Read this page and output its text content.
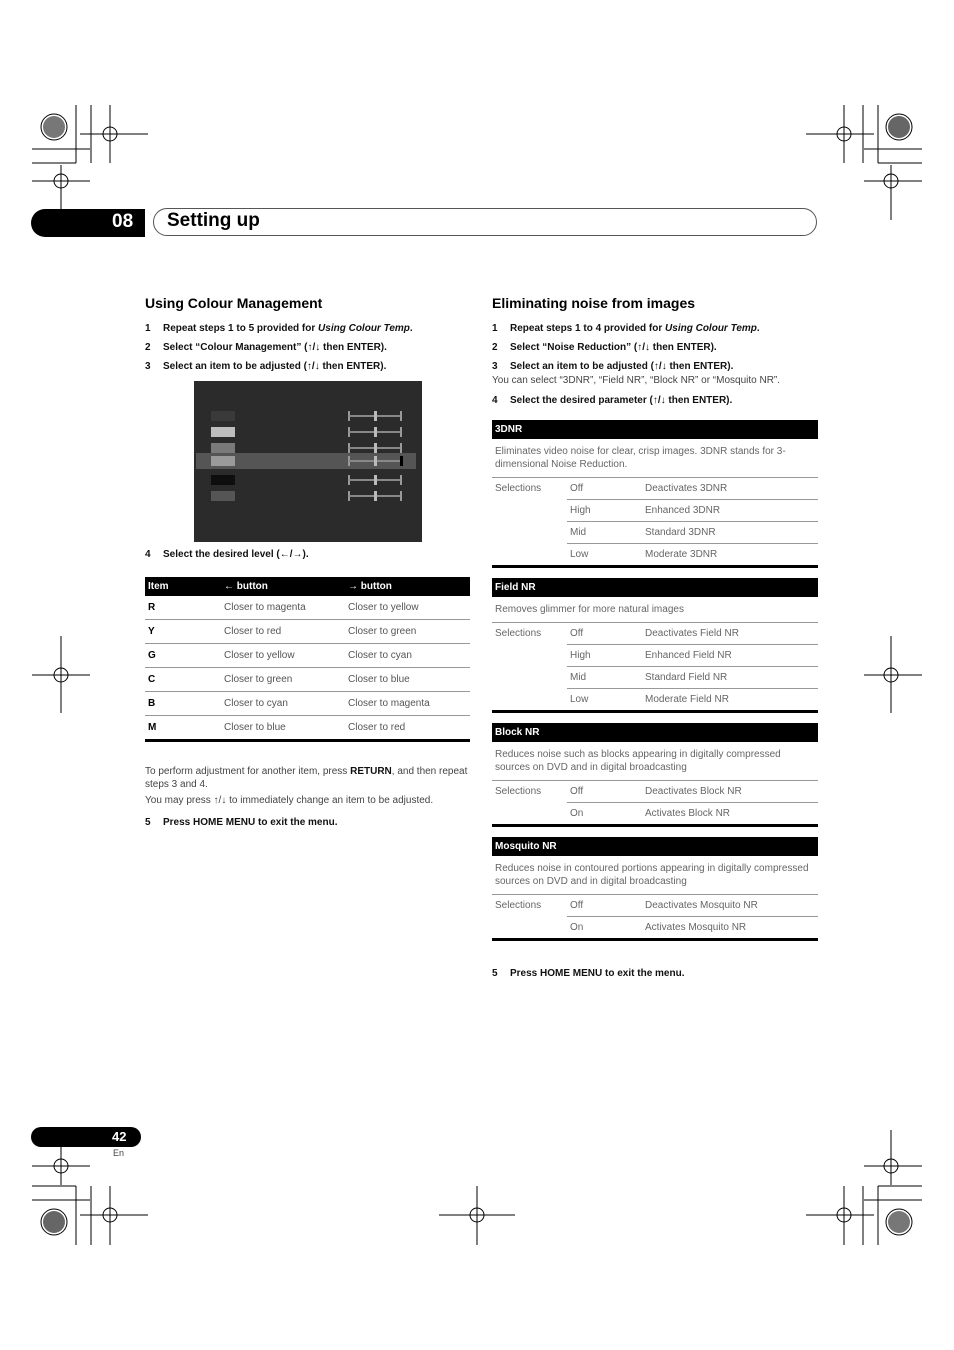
08 Setting up
Using Colour Management
1	Repeat steps 1 to 5 provided for Using Colour Temp.
2	Select “Colour Management” (↑/↓ then ENTER).
3	Select an item to be adjusted (↑/↓ then ENTER).
4	Select the desired level (←/→).
Item	← button	→ button
R	Closer to magenta	Closer to yellow
Y	Closer to red	Closer to green
G	Closer to yellow	Closer to cyan
C	Closer to green	Closer to blue
B	Closer to cyan	Closer to magenta
M	Closer to blue	Closer to red
To perform adjustment for another item, press RETURN, and then repeat steps 3 and 4.
You may press ↑/↓ to immediately change an item to be adjusted.
5	Press HOME MENU to exit the menu.
Eliminating noise from images
1	Repeat steps 1 to 4 provided for Using Colour Temp.
2	Select “Noise Reduction” (↑/↓ then ENTER).
3	Select an item to be adjusted (↑/↓ then ENTER).
You can select “3DNR”, “Field NR”, “Block NR” or “Mosquito NR”.
4	Select the desired parameter (↑/↓ then ENTER).
3DNR		
Eliminates video noise for clear, crisp images. 3DNR stands for 3-dimensional Noise Reduction.		
Selections	Off	Deactivates 3DNR
	High	Enhanced 3DNR
	Mid	Standard 3DNR
	Low	Moderate 3DNR
Field NR		
Removes glimmer for more natural images		
Selections	Off	Deactivates Field NR
	High	Enhanced Field NR
	Mid	Standard Field NR
	Low	Moderate Field NR
Block NR		
Reduces noise such as blocks appearing in digitally compressed sources on DVD and in digital broadcasting		
Selections	Off	Deactivates Block NR
	On	Activates Block NR
Mosquito NR		
Reduces noise in contoured portions appearing in digitally compressed sources on DVD and in digital broadcasting		
Selections	Off	Deactivates Mosquito NR
	On	Activates Mosquito NR
5	Press HOME MENU to exit the menu.
42
En
